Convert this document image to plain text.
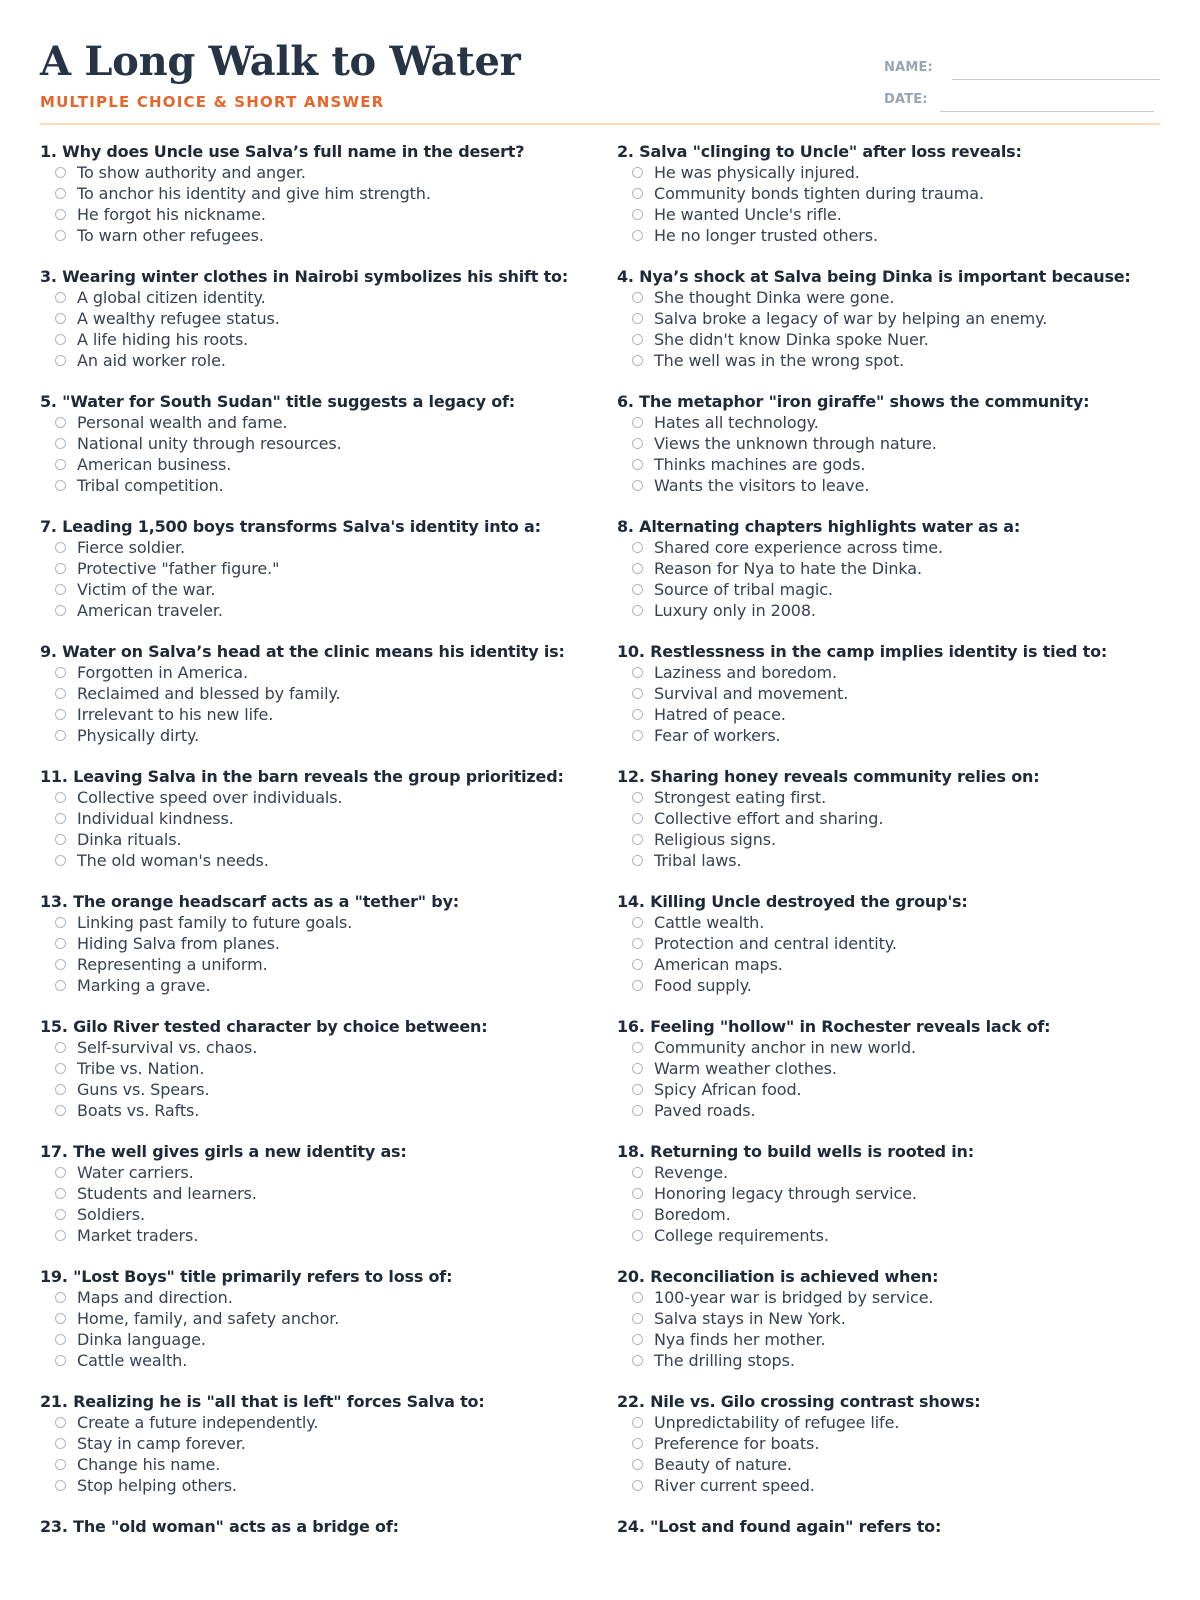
A Long Walk to Water
MULTIPLE CHOICE & SHORT ANSWER
NAME:
DATE:
1. Why does Uncle use Salva’s full name in the desert?
To show authority and anger.
To anchor his identity and give him strength.
He forgot his nickname.
To warn other refugees.
2. Salva "clinging to Uncle" after loss reveals:
He was physically injured.
Community bonds tighten during trauma.
He wanted Uncle's rifle.
He no longer trusted others.
3. Wearing winter clothes in Nairobi symbolizes his shift to:
A global citizen identity.
A wealthy refugee status.
A life hiding his roots.
An aid worker role.
4. Nya’s shock at Salva being Dinka is important because:
She thought Dinka were gone.
Salva broke a legacy of war by helping an enemy.
She didn't know Dinka spoke Nuer.
The well was in the wrong spot.
5. "Water for South Sudan" title suggests a legacy of:
Personal wealth and fame.
National unity through resources.
American business.
Tribal competition.
6. The metaphor "iron giraffe" shows the community:
Hates all technology.
Views the unknown through nature.
Thinks machines are gods.
Wants the visitors to leave.
7. Leading 1,500 boys transforms Salva's identity into a:
Fierce soldier.
Protective "father figure."
Victim of the war.
American traveler.
8. Alternating chapters highlights water as a:
Shared core experience across time.
Reason for Nya to hate the Dinka.
Source of tribal magic.
Luxury only in 2008.
9. Water on Salva’s head at the clinic means his identity is:
Forgotten in America.
Reclaimed and blessed by family.
Irrelevant to his new life.
Physically dirty.
10. Restlessness in the camp implies identity is tied to:
Laziness and boredom.
Survival and movement.
Hatred of peace.
Fear of workers.
11. Leaving Salva in the barn reveals the group prioritized:
Collective speed over individuals.
Individual kindness.
Dinka rituals.
The old woman's needs.
12. Sharing honey reveals community relies on:
Strongest eating first.
Collective effort and sharing.
Religious signs.
Tribal laws.
13. The orange headscarf acts as a "tether" by:
Linking past family to future goals.
Hiding Salva from planes.
Representing a uniform.
Marking a grave.
14. Killing Uncle destroyed the group's:
Cattle wealth.
Protection and central identity.
American maps.
Food supply.
15. Gilo River tested character by choice between:
Self-survival vs. chaos.
Tribe vs. Nation.
Guns vs. Spears.
Boats vs. Rafts.
16. Feeling "hollow" in Rochester reveals lack of:
Community anchor in new world.
Warm weather clothes.
Spicy African food.
Paved roads.
17. The well gives girls a new identity as:
Water carriers.
Students and learners.
Soldiers.
Market traders.
18. Returning to build wells is rooted in:
Revenge.
Honoring legacy through service.
Boredom.
College requirements.
19. "Lost Boys" title primarily refers to loss of:
Maps and direction.
Home, family, and safety anchor.
Dinka language.
Cattle wealth.
20. Reconciliation is achieved when:
100-year war is bridged by service.
Salva stays in New York.
Nya finds her mother.
The drilling stops.
21. Realizing he is "all that is left" forces Salva to:
Create a future independently.
Stay in camp forever.
Change his name.
Stop helping others.
22. Nile vs. Gilo crossing contrast shows:
Unpredictability of refugee life.
Preference for boats.
Beauty of nature.
River current speed.
23. The "old woman" acts as a bridge of:	24. "Lost and found again" refers to:
